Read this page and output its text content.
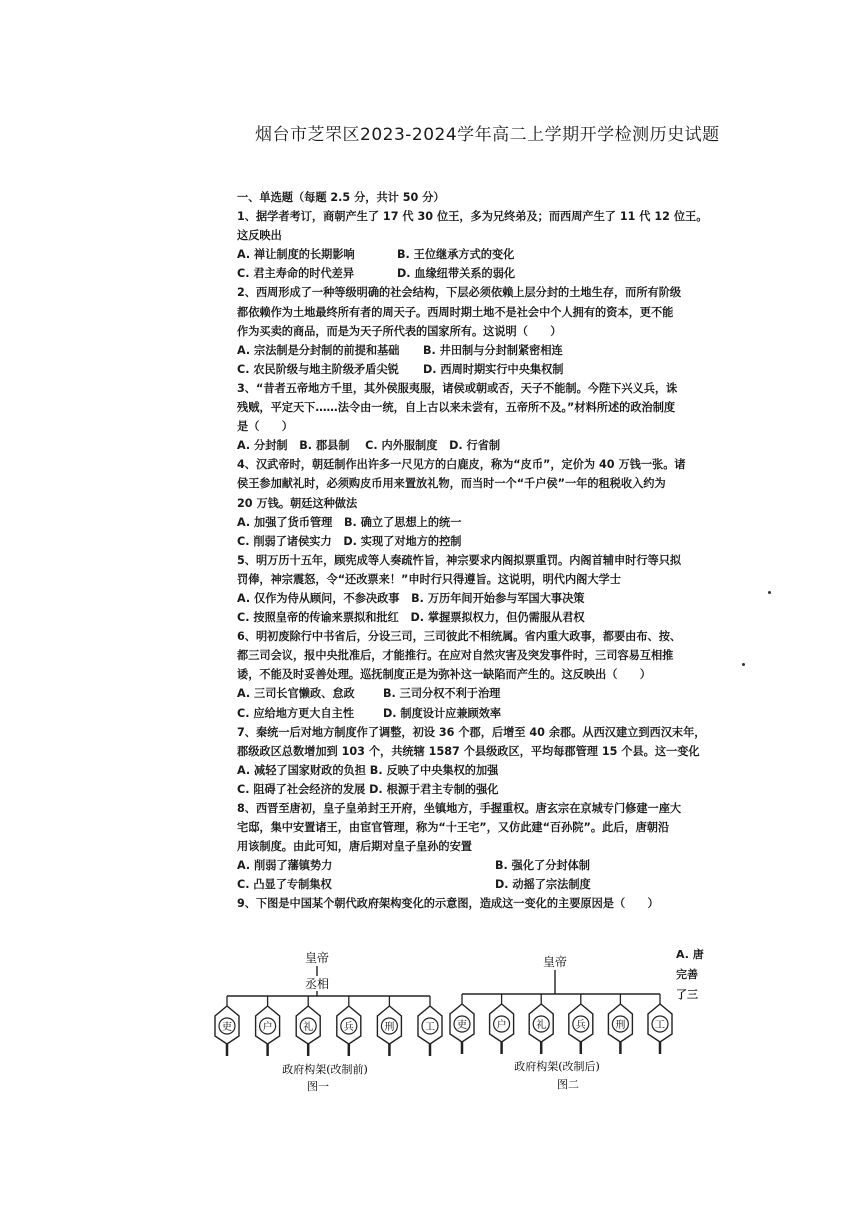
烟台市芝罘区2023-2024学年高二上学期开学检测历史试题
一、单选题（每题 2.5 分，共计 50 分）
1、据学者考订，商朝产生了 17 代 30 位王，多为兄终弟及；而西周产生了 11 代 12 位王。
这反映出
A. 禅让制度的长期影响	B. 王位继承方式的变化
C. 君主寿命的时代差异	D. 血缘纽带关系的弱化
2、西周形成了一种等级明确的社会结构，下层必须依赖上层分封的土地生存，而所有阶级
都依赖作为土地最终所有者的周天子。西周时期土地不是社会中个人拥有的资本，更不能
作为买卖的商品，而是为天子所代表的国家所有。这说明（　　）
A. 宗法制是分封制的前提和基础	B. 井田制与分封制紧密相连
C. 农民阶级与地主阶级矛盾尖锐	D. 西周时期实行中央集权制
3、“昔者五帝地方千里，其外侯服夷服，诸侯或朝或否，天子不能制。今陛下兴义兵，诛
残贼，平定天下……法令由一统，自上古以来未尝有，五帝所不及。”材料所述的政治制度
是（　　）
A. 分封制 B. 郡县制 C. 内外服制度 D. 行省制
4、汉武帝时，朝廷制作出许多一尺见方的白鹿皮，称为“皮币”，定价为 40 万钱一张。诸
侯王参加献礼时，必须购皮币用来置放礼物，而当时一个“千户侯”一年的租税收入约为
20 万钱。朝廷这种做法
A. 加强了货币管理 B. 确立了思想上的统一
C. 削弱了诸侯实力 D. 实现了对地方的控制
5、明万历十五年，顾宪成等人奏疏忤旨，神宗要求内阁拟票重罚。内阁首辅申时行等只拟
罚俸，神宗震怒，令“还改票来！”申时行只得遵旨。这说明，明代内阁大学士
A. 仅作为侍从顾问，不参决政事 B. 万历年间开始参与军国大事决策
C. 按照皇帝的传谕来票拟和批红 D. 掌握票拟权力，但仍需服从君权
6、明初废除行中书省后，分设三司，三司彼此不相统属。省内重大政事，都要由布、按、
都三司会议，报中央批准后，才能推行。在应对自然灾害及突发事件时，三司容易互相推
诿，不能及时妥善处理。巡抚制度正是为弥补这一缺陷而产生的。这反映出（　　）
A. 三司长官懒政、怠政	B. 三司分权不利于治理
C. 应给地方更大自主性	D. 制度设计应兼顾效率
7、秦统一后对地方制度作了调整，初设 36 个郡，后增至 40 余郡。从西汉建立到西汉末年，
郡级政区总数增加到 103 个，共统辖 1587 个县级政区，平均每郡管理 15 个县。这一变化
A. 减轻了国家财政的负担 B. 反映了中央集权的加强
C. 阻碍了社会经济的发展 D. 根源于君主专制的强化
8、西晋至唐初，皇子皇弟封王开府，坐镇地方，手握重权。唐玄宗在京城专门修建一座大
宅邸，集中安置诸王，由宦官管理，称为“十王宅”，又仿此建“百孙院”。此后，唐朝沿
用该制度。由此可知，唐后期对皇子皇孙的安置
A. 削弱了藩镇势力	B. 强化了分封体制
C. 凸显了专制集权	D. 动摇了宗法制度
9、下图是中国某个朝代政府架构变化的示意图，造成这一变化的主要原因是（　　）
A. 唐完善了三
皇帝
丞相
吏	户	礼	兵	刑	工
政府构架(改制前)
图一
皇帝
吏	户	礼	兵	刑	工
政府构架(改制后)
图二
